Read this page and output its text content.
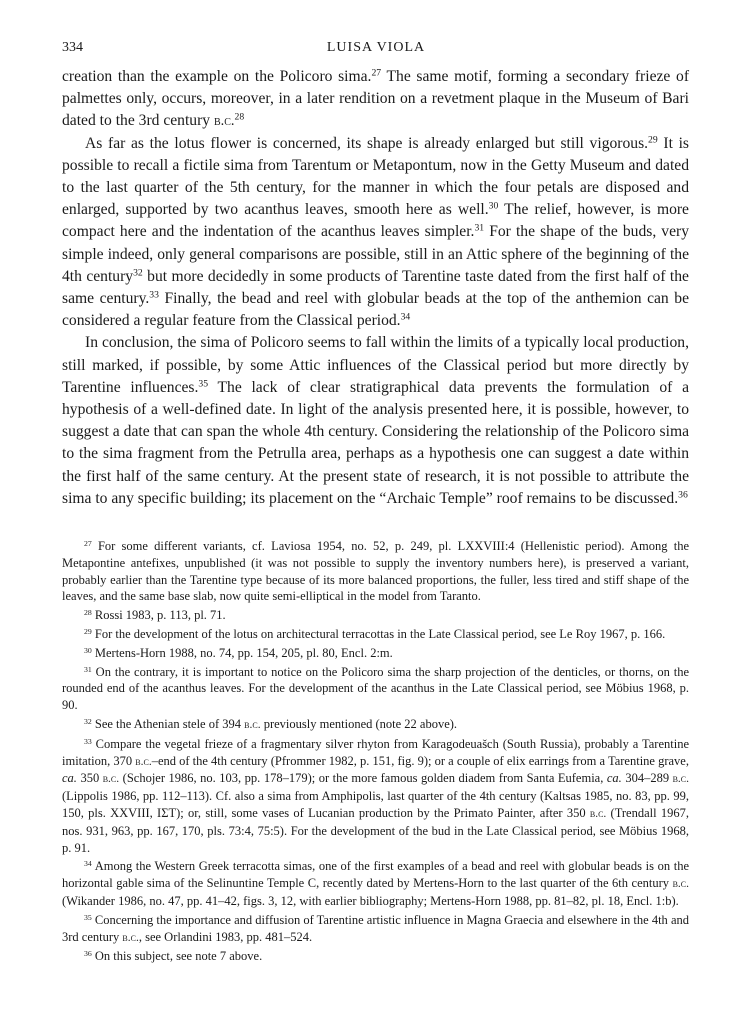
334	LUISA VIOLA

creation than the example on the Policoro sima.$^{27}$ The same motif, forming a secondary frieze of palmettes only, occurs, moreover, in a later rendition on a revetment plaque in the Museum of Bari dated to the 3rd century b.c.$^{28}$

As far as the lotus flower is concerned, its shape is already enlarged but still vigorous.$^{29}$ It is possible to recall a fictile sima from Tarentum or Metapontum, now in the Getty Museum and dated to the last quarter of the 5th century, for the manner in which the four petals are disposed and enlarged, supported by two acanthus leaves, smooth here as well.$^{30}$ The relief, however, is more compact here and the indentation of the acanthus leaves simpler.$^{31}$ For the shape of the buds, very simple indeed, only general comparisons are possible, still in an Attic sphere of the beginning of the 4th century$^{32}$ but more decidedly in some products of Tarentine taste dated from the first half of the same century.$^{33}$ Finally, the bead and reel with globular beads at the top of the anthemion can be considered a regular feature from the Classical period.$^{34}$

In conclusion, the sima of Policoro seems to fall within the limits of a typically local production, still marked, if possible, by some Attic influences of the Classical period but more directly by Tarentine influences.$^{35}$ The lack of clear stratigraphical data prevents the formulation of a hypothesis of a well-defined date. In light of the analysis presented here, it is possible, however, to suggest a date that can span the whole 4th century. Considering the relationship of the Policoro sima to the sima fragment from the Petrulla area, perhaps as a hypothesis one can suggest a date within the first half of the same century. At the present state of research, it is not possible to attribute the sima to any specific building; its placement on the “Archaic Temple” roof remains to be discussed.$^{36}$

$^{27}$ For some different variants, cf. Laviosa 1954, no. 52, p. 249, pl. LXXVIII:4 (Hellenistic period). Among the Metapontine antefixes, unpublished (it was not possible to supply the inventory numbers here), is preserved a variant, probably earlier than the Tarentine type because of its more balanced proportions, the fuller, less tired and stiff shape of the leaves, and the same base slab, now quite semi-elliptical in the model from Taranto.

$^{28}$ Rossi 1983, p. 113, pl. 71.

$^{29}$ For the development of the lotus on architectural terracottas in the Late Classical period, see Le Roy 1967, p. 166.

$^{30}$ Mertens-Horn 1988, no. 74, pp. 154, 205, pl. 80, Encl. 2:m.

$^{31}$ On the contrary, it is important to notice on the Policoro sima the sharp projection of the denticles, or thorns, on the rounded end of the acanthus leaves. For the development of the acanthus in the Late Classical period, see Möbius 1968, p. 90.

$^{32}$ See the Athenian stele of 394 b.c. previously mentioned (note 22 above).

$^{33}$ Compare the vegetal frieze of a fragmentary silver rhyton from Karagodeuašch (South Russia), probably a Tarentine imitation, 370 b.c.–end of the 4th century (Pfrommer 1982, p. 151, fig. 9); or a couple of elix earrings from a Tarentine grave, ca. 350 b.c. (Schojer 1986, no. 103, pp. 178–179); or the more famous golden diadem from Santa Eufemia, ca. 304–289 b.c. (Lippolis 1986, pp. 112–113). Cf. also a sima from Amphipolis, last quarter of the 4th century (Kaltsas 1985, no. 83, pp. 99, 150, pls. XXVIII, IΣΤ); or, still, some vases of Lucanian production by the Primato Painter, after 350 b.c. (Trendall 1967, nos. 931, 963, pp. 167, 170, pls. 73:4, 75:5). For the development of the bud in the Late Classical period, see Möbius 1968, p. 91.

$^{34}$ Among the Western Greek terracotta simas, one of the first examples of a bead and reel with globular beads is on the horizontal gable sima of the Selinuntine Temple C, recently dated by Mertens-Horn to the last quarter of the 6th century b.c. (Wikander 1986, no. 47, pp. 41–42, figs. 3, 12, with earlier bibliography; Mertens-Horn 1988, pp. 81–82, pl. 18, Encl. 1:b).

$^{35}$ Concerning the importance and diffusion of Tarentine artistic influence in Magna Graecia and elsewhere in the 4th and 3rd century b.c., see Orlandini 1983, pp. 481–524.

$^{36}$ On this subject, see note 7 above.
